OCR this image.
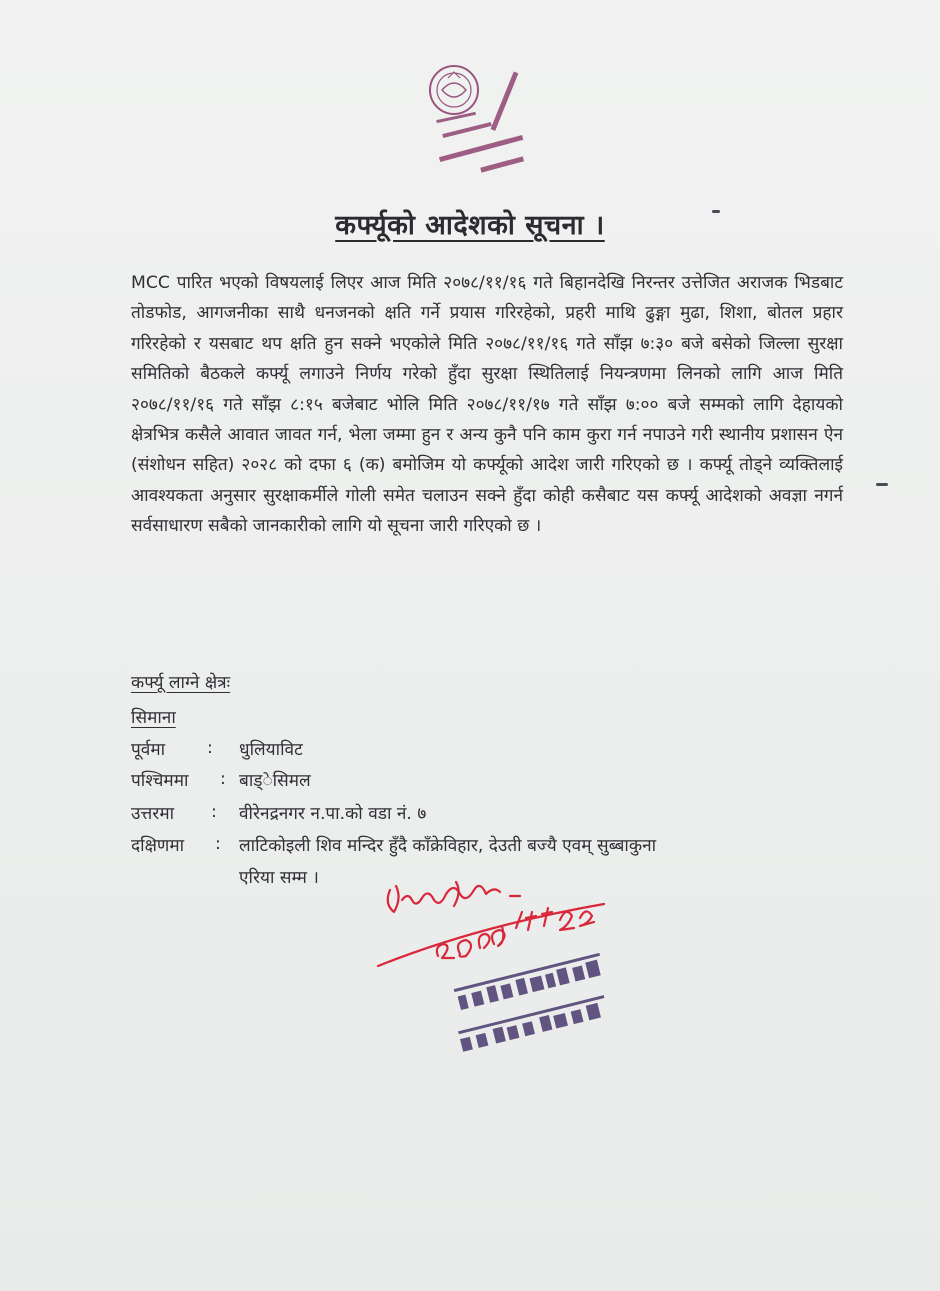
कर्फ्यूको आदेशको सूचना ।

MCC पारित भएको विषयलाई लिएर आज मिति २०७८/११/१६ गते बिहानदेखि निरन्तर उत्तेजित अराजक भिडबाट तोडफोड, आगजनीका साथै धनजनको क्षति गर्ने प्रयास गरिरहेको, प्रहरी माथि ढुङ्गा मुढा, शिशा, बोतल प्रहार गरिरहेको र यसबाट थप क्षति हुन सक्ने भएकोले मिति २०७८/११/१६ गते साँझ ७:३० बजे बसेको जिल्ला सुरक्षा समितिको बैठकले कर्फ्यू लगाउने निर्णय गरेको हुँदा सुरक्षा स्थितिलाई नियन्त्रणमा लिनको लागि आज मिति २०७८/११/१६ गते साँझ ८:१५ बजेबाट भोलि मिति २०७८/११/१७ गते साँझ ७:०० बजे सम्मको लागि देहायको क्षेत्रभित्र कसैले आवात जावत गर्न, भेला जम्मा हुन र अन्य कुनै पनि काम कुरा गर्न नपाउने गरी स्थानीय प्रशासन ऐन (संशोधन सहित) २०२८ को दफा ६ (क) बमोजिम यो कर्फ्यूको आदेश जारी गरिएको छ । कर्फ्यू तोड्ने व्यक्तिलाई आवश्यकता अनुसार सुरक्षाकर्मीले गोली समेत चलाउन सक्ने हुँदा कोही कसैबाट यस कर्फ्यू आदेशको अवज्ञा नगर्न सर्वसाधारण सबैको जानकारीको लागि यो सूचना जारी गरिएको छ ।

कर्फ्यू लाग्ने क्षेत्रः
सिमाना
पूर्वमा	:	धुलियाविट
पश्चिममा	: बाड्ेसिमल
उत्तरमा	:	वीरेनद्रनगर न.पा.को वडा नं. ७
दक्षिणमा	:	लाटिकोइली शिव मन्दिर हुँदै काँक्रेविहार, देउती बज्यै एवम् सुब्बाकुना
एरिया सम्म ।
